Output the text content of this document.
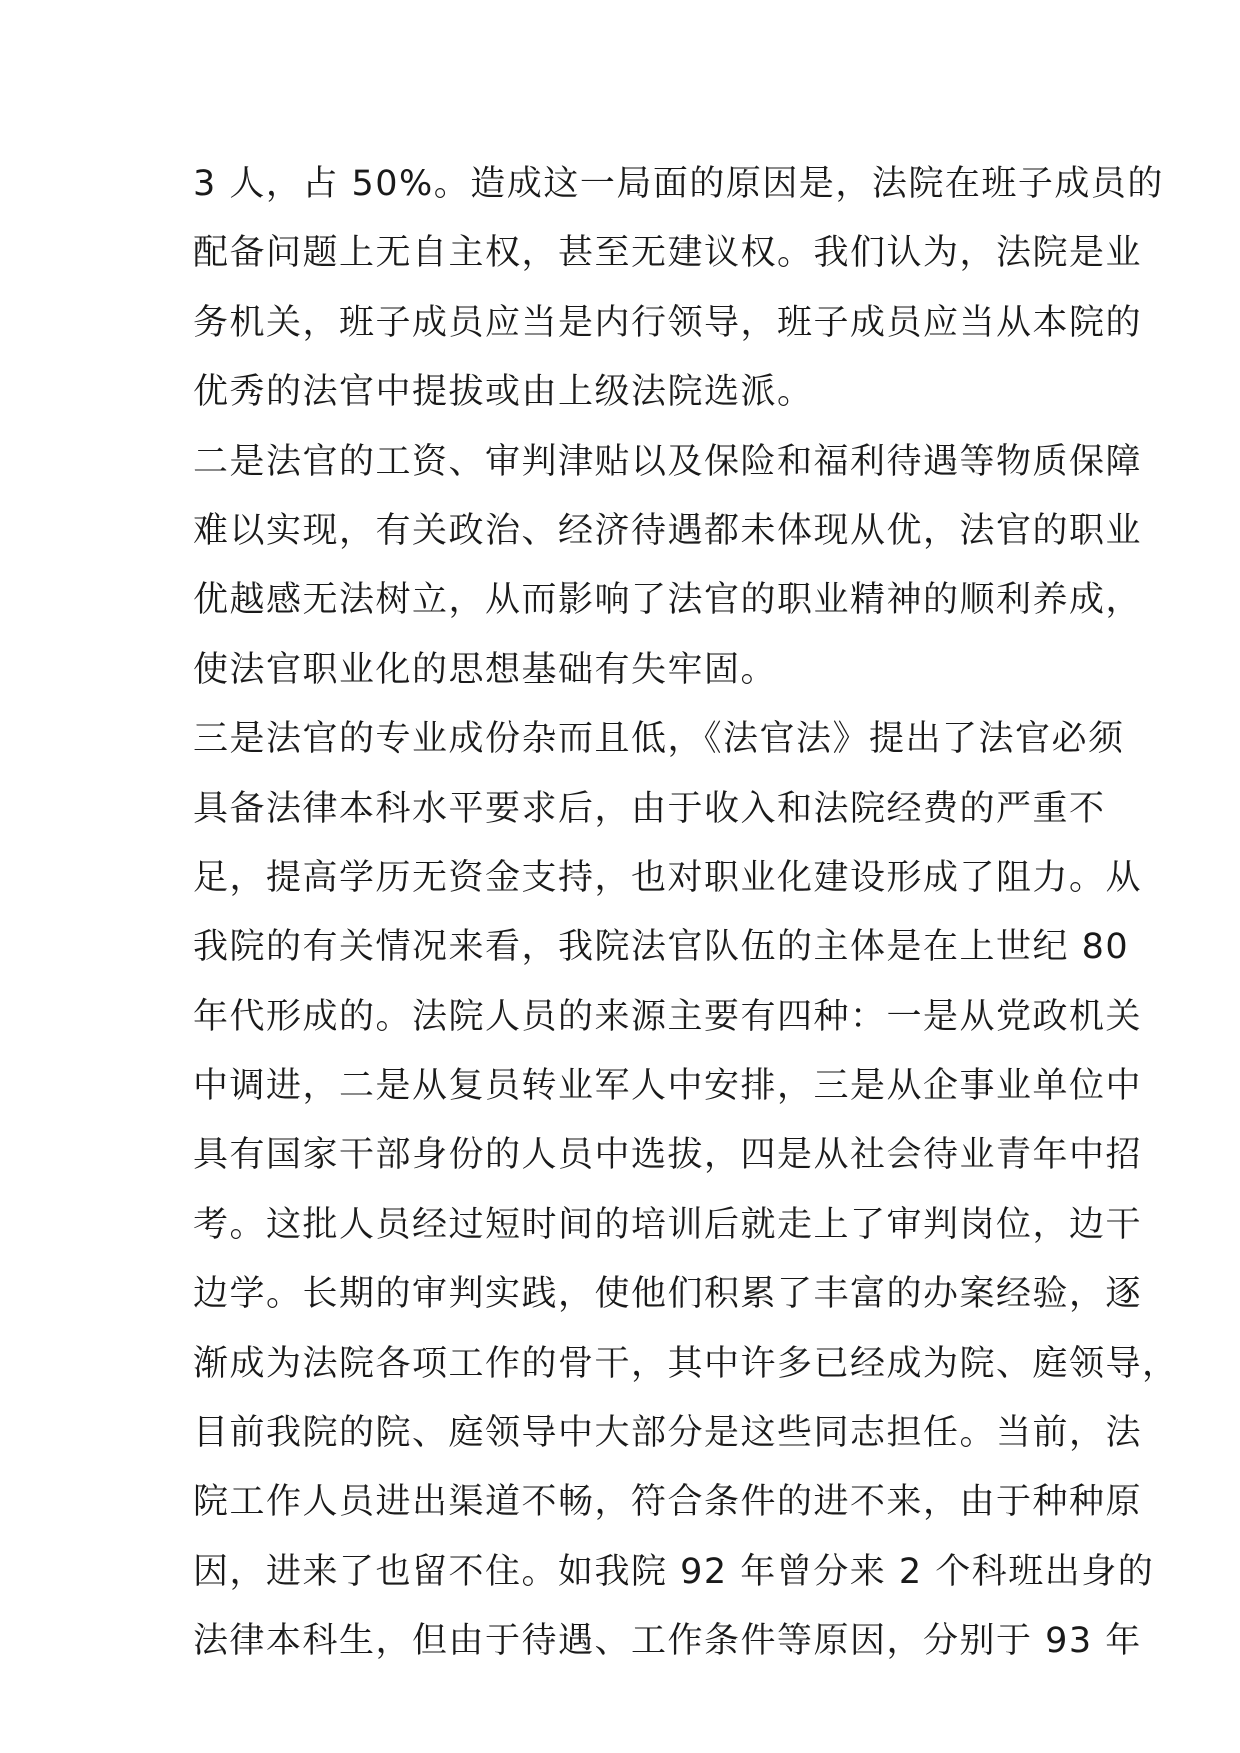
3 人，占 50%。造成这一局面的原因是，法院在班子成员的
配备问题上无自主权，甚至无建议权。我们认为，法院是业
务机关，班子成员应当是内行领导，班子成员应当从本院的
优秀的法官中提拔或由上级法院选派。
二是法官的工资、审判津贴以及保险和福利待遇等物质保障
难以实现，有关政治、经济待遇都未体现从优，法官的职业
优越感无法树立，从而影响了法官的职业精神的顺利养成，
使法官职业化的思想基础有失牢固。
三是法官的专业成份杂而且低，《法官法》提出了法官必须
具备法律本科水平要求后，由于收入和法院经费的严重不
足，提高学历无资金支持，也对职业化建设形成了阻力。从
我院的有关情况来看，我院法官队伍的主体是在上世纪 80
年代形成的。法院人员的来源主要有四种：一是从党政机关
中调进，二是从复员转业军人中安排，三是从企事业单位中
具有国家干部身份的人员中选拔，四是从社会待业青年中招
考。这批人员经过短时间的培训后就走上了审判岗位，边干
边学。长期的审判实践，使他们积累了丰富的办案经验，逐
渐成为法院各项工作的骨干，其中许多已经成为院、庭领导，
目前我院的院、庭领导中大部分是这些同志担任。当前，法
院工作人员进出渠道不畅，符合条件的进不来，由于种种原
因，进来了也留不住。如我院 92 年曾分来 2 个科班出身的
法律本科生，但由于待遇、工作条件等原因，分别于 93 年
